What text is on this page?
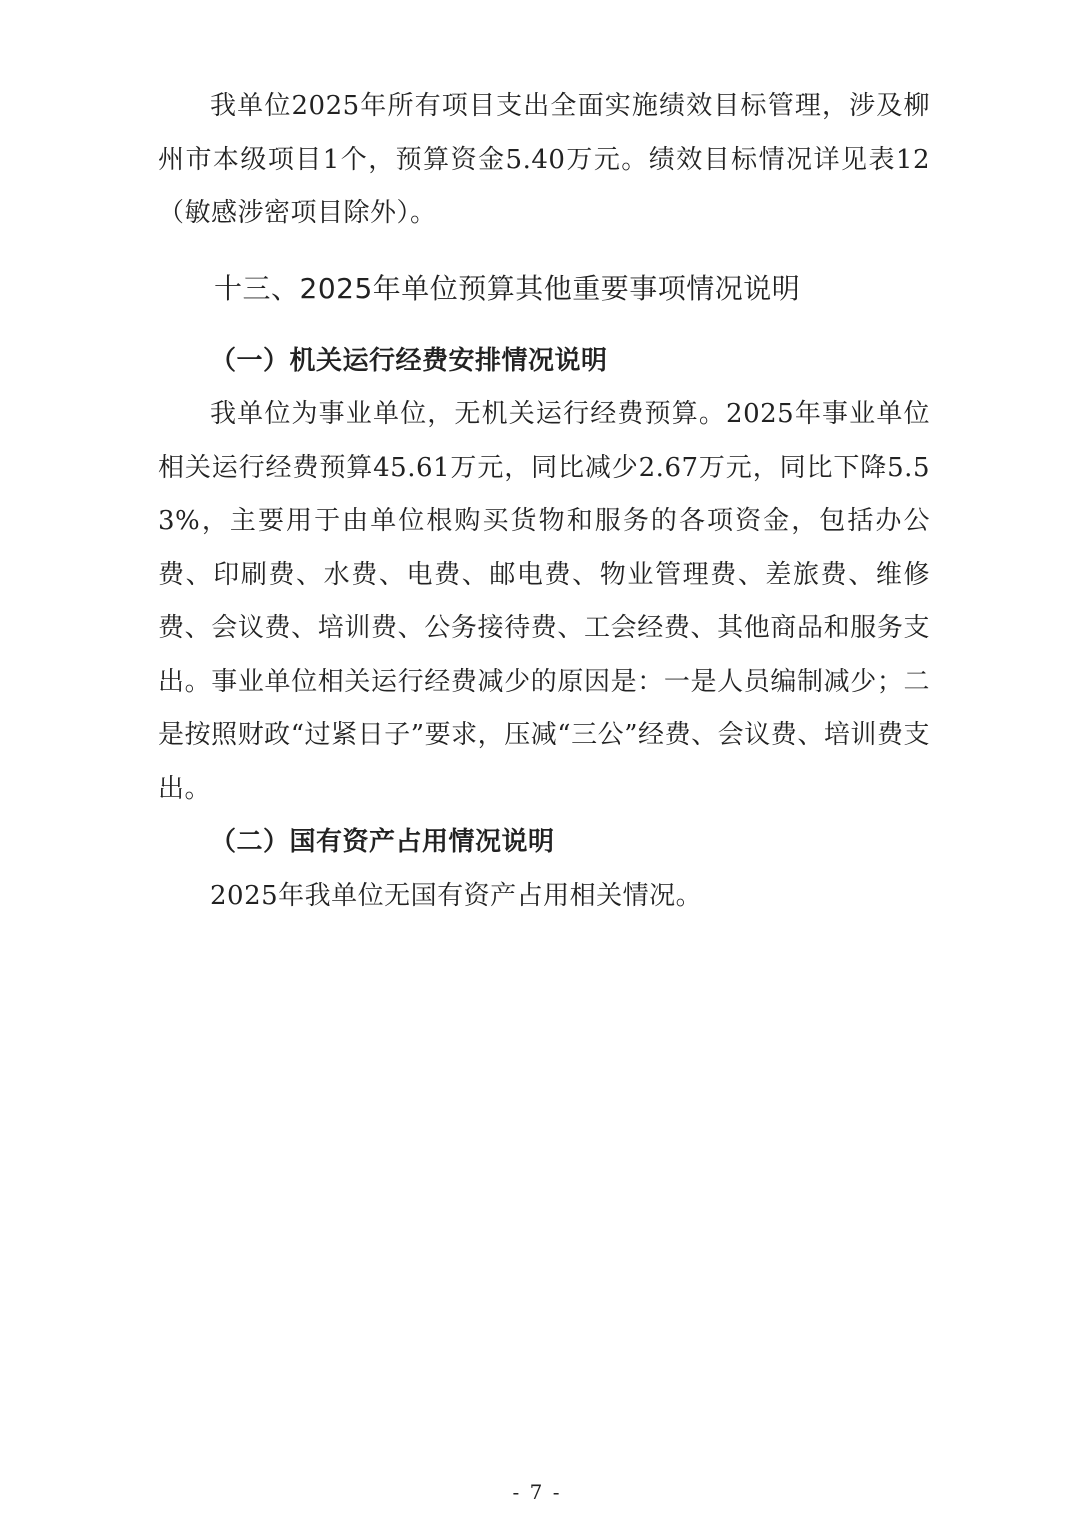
我单位2025年所有项目支出全面实施绩效目标管理，涉及柳州市本级项目1个，预算资金5.40万元。绩效目标情况详见表12（敏感涉密项目除外）。

十三、2025年单位预算其他重要事项情况说明
（一）机关运行经费安排情况说明

我单位为事业单位，无机关运行经费预算。2025年事业单位相关运行经费预算45.61万元，同比减少2.67万元，同比下降5.53%，主要用于由单位根购买货物和服务的各项资金，包括办公费、印刷费、水费、电费、邮电费、物业管理费、差旅费、维修费、会议费、培训费、公务接待费、工会经费、其他商品和服务支出。事业单位相关运行经费减少的原因是：一是人员编制减少；二是按照财政“过紧日子”要求，压减“三公”经费、会议费、培训费支出。

（二）国有资产占用情况说明

2025年我单位无国有资产占用相关情况。

- 7 -
